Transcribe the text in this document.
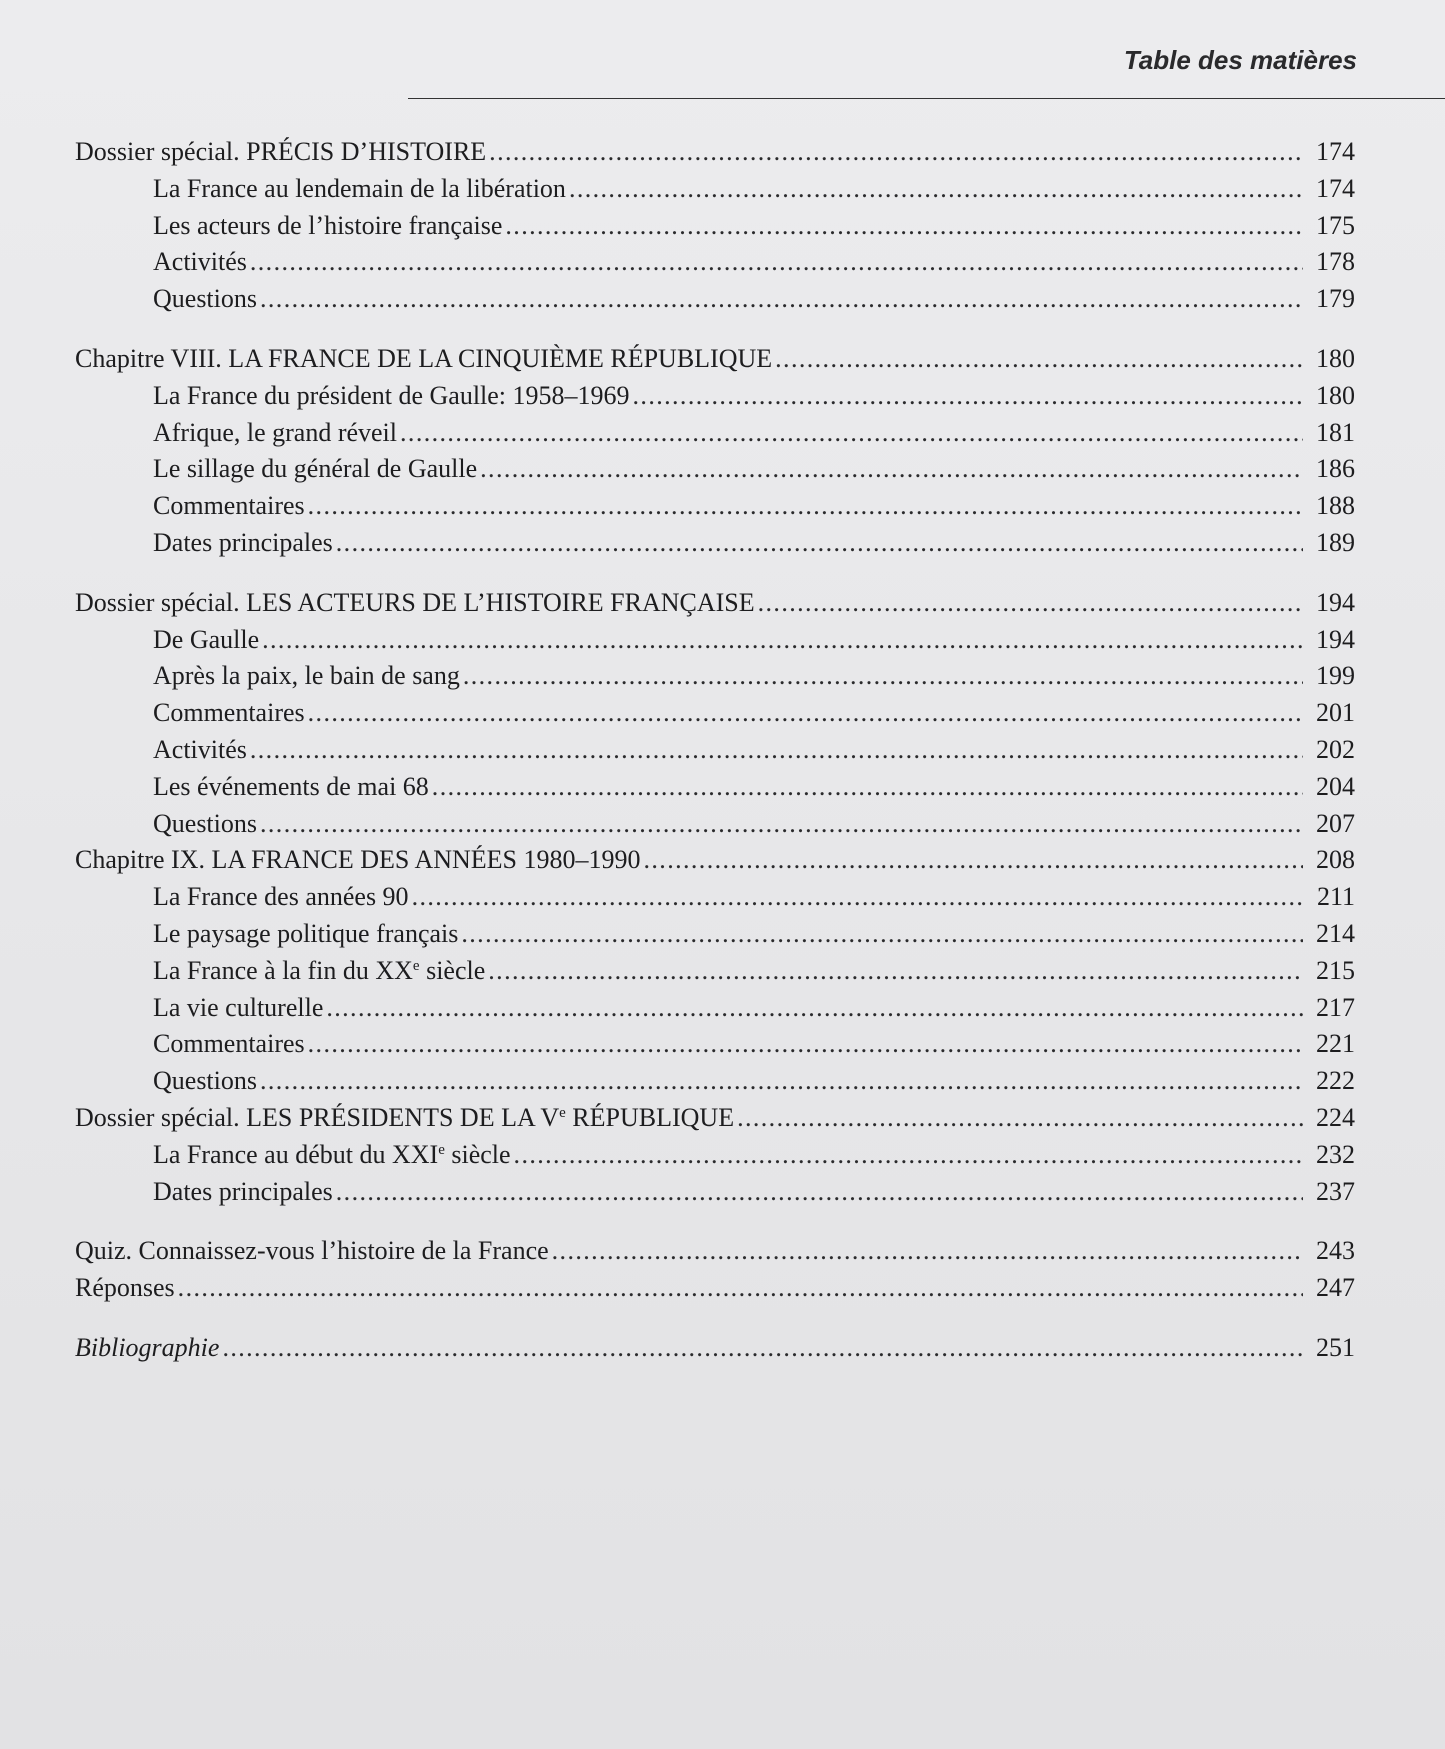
Table des matières
Dossier spécial. PRÉCIS D’HISTOIRE .....	174
La France au lendemain de la libération .....	174
Les acteurs de l’histoire française .....	175
Activités .....	178
Questions .....	179
Chapitre VIII. LA FRANCE DE LA CINQUIÈME RÉPUBLIQUE .....	180
La France du président de Gaulle: 1958–1969 .....	180
Afrique, le grand réveil .....	181
Le sillage du général de Gaulle .....	186
Commentaires .....	188
Dates principales .....	189
Dossier spécial. LES ACTEURS DE L’HISTOIRE FRANÇAISE .....	194
De Gaulle .....	194
Après la paix, le bain de sang .....	199
Commentaires .....	201
Activités .....	202
Les événements de mai 68 .....	204
Questions .....	207
Chapitre IX. LA FRANCE DES ANNÉES 1980–1990 .....	208
La France des années 90 .....	211
Le paysage politique français .....	214
La France à la fin du XXe siècle .....	215
La vie culturelle .....	217
Commentaires .....	221
Questions .....	222
Dossier spécial. LES PRÉSIDENTS DE LA Ve RÉPUBLIQUE .....	224
La France au début du XXIe siècle .....	232
Dates principales .....	237
Quiz. Connaissez-vous l’histoire de la France .....	243
Réponses .....	247
Bibliographie .....	251
